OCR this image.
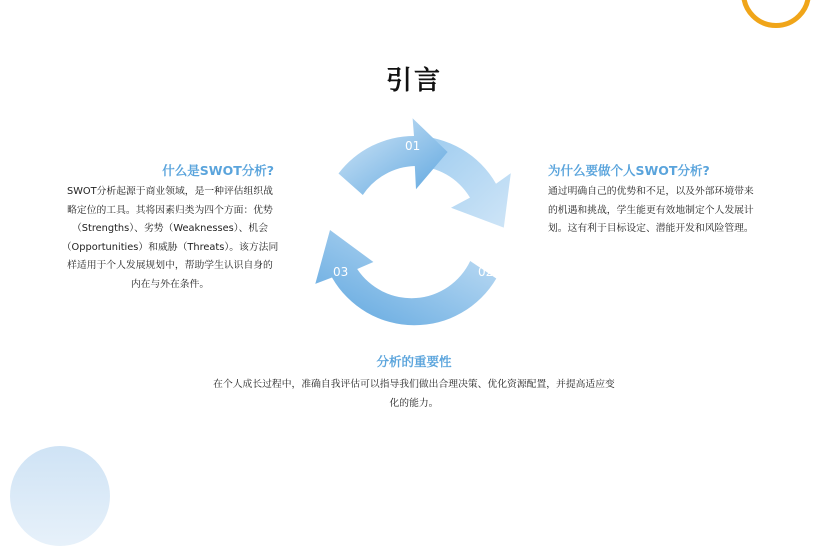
引言
01
02
03
什么是SWOT分析?
SWOT分析起源于商业领域，是一种评估组织战
略定位的工具。其将因素归类为四个方面：优势
（Strengths）、劣势（Weaknesses）、机会
（Opportunities）和威胁（Threats）。该方法同
样适用于个人发展规划中，帮助学生认识自身的
内在与外在条件。
为什么要做个人SWOT分析?
通过明确自己的优势和不足，以及外部环境带来
的机遇和挑战，学生能更有效地制定个人发展计
划。这有利于目标设定、潜能开发和风险管理。
分析的重要性
在个人成长过程中，准确自我评估可以指导我们做出合理决策、优化资源配置，并提高适应变
化的能力。
